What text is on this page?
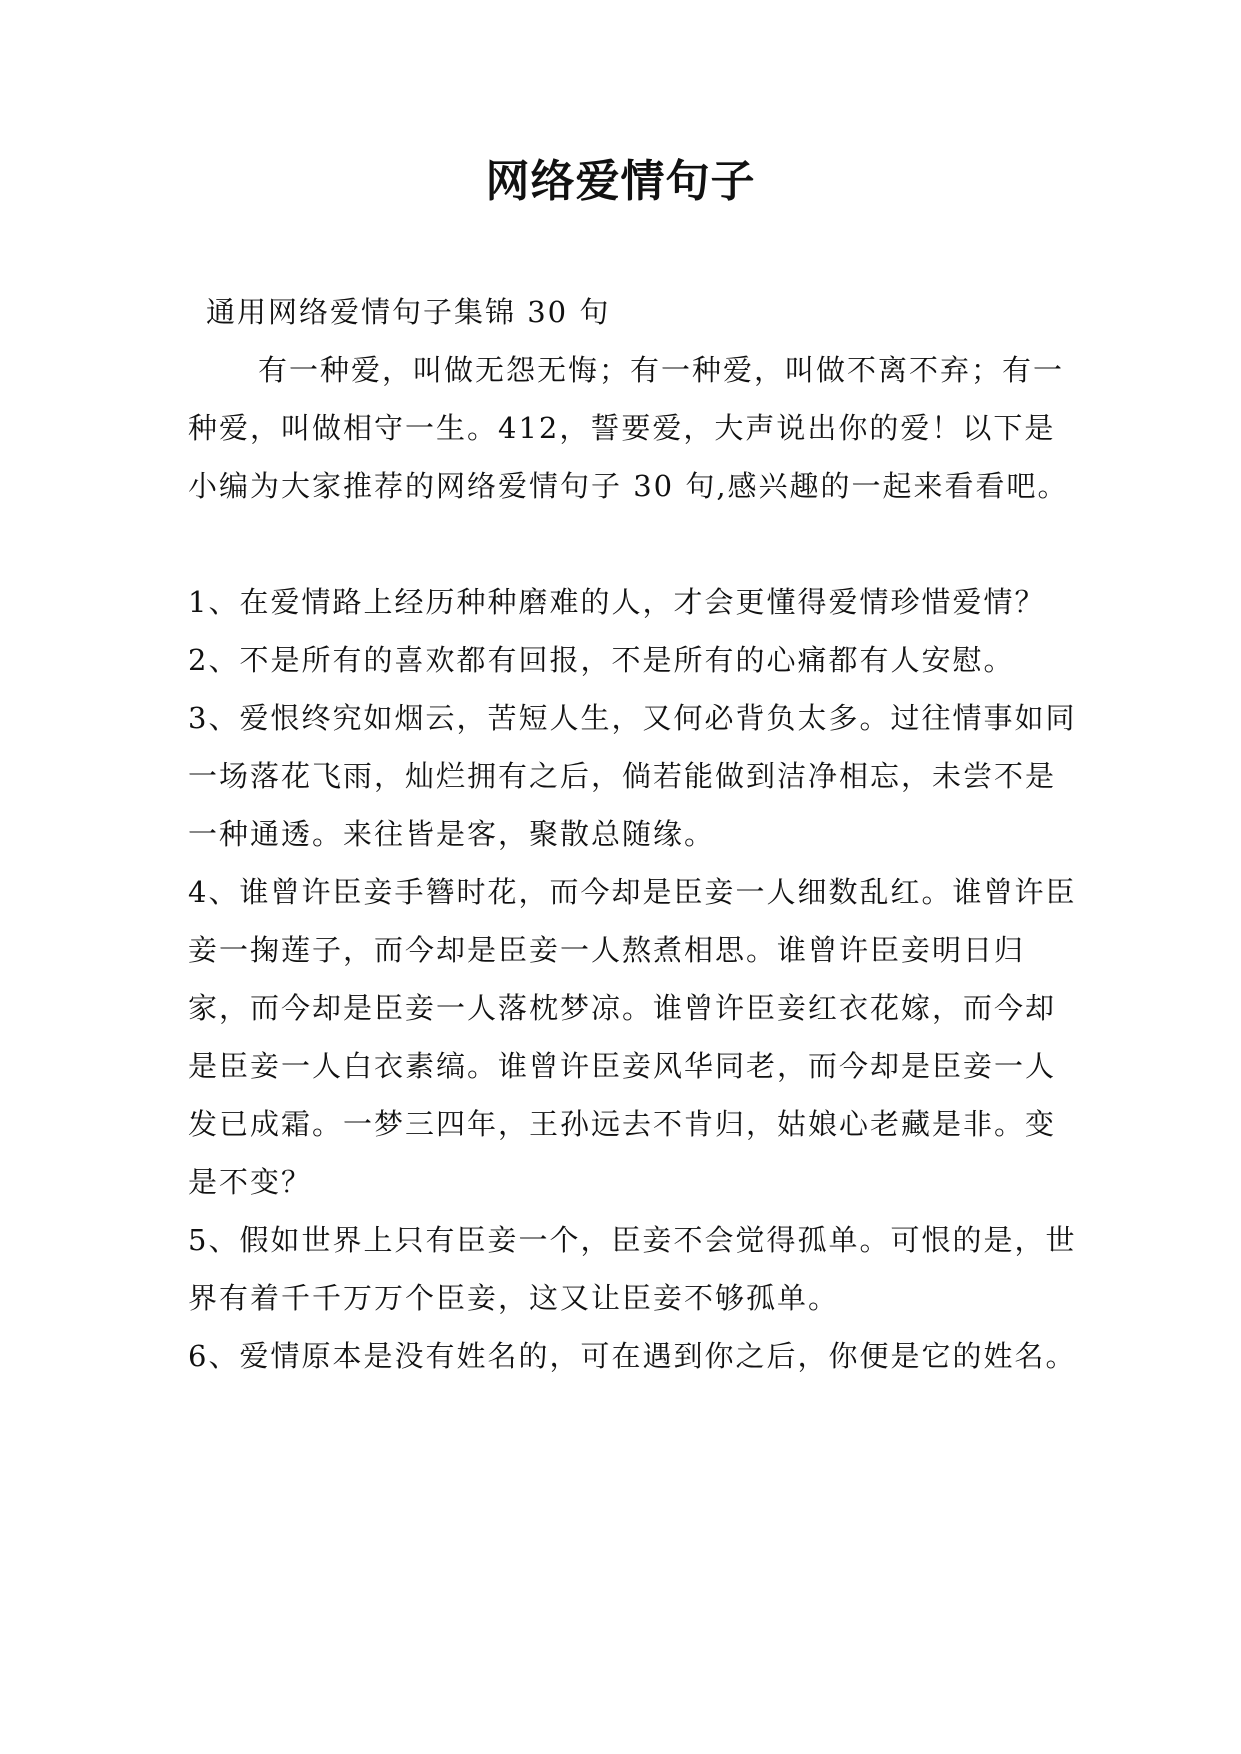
网络爱情句子

通用网络爱情句子集锦 30 句

有一种爱，叫做无怨无悔；有一种爱，叫做不离不弃；有一种爱，叫做相守一生。412，誓要爱，大声说出你的爱！以下是小编为大家推荐的网络爱情句子 30 句,感兴趣的一起来看看吧。

1、在爱情路上经历种种磨难的人，才会更懂得爱情珍惜爱情？

2、不是所有的喜欢都有回报，不是所有的心痛都有人安慰。

3、爱恨终究如烟云，苦短人生，又何必背负太多。过往情事如同一场落花飞雨，灿烂拥有之后，倘若能做到洁净相忘，未尝不是一种通透。来往皆是客，聚散总随缘。

4、谁曾许臣妾手簪时花，而今却是臣妾一人细数乱红。谁曾许臣妾一掬莲子，而今却是臣妾一人熬煮相思。谁曾许臣妾明日归家，而今却是臣妾一人落枕梦凉。谁曾许臣妾红衣花嫁，而今却是臣妾一人白衣素缟。谁曾许臣妾风华同老，而今却是臣妾一人发已成霜。一梦三四年，王孙远去不肯归，姑娘心老藏是非。变是不变？

5、假如世界上只有臣妾一个，臣妾不会觉得孤单。可恨的是，世界有着千千万万个臣妾，这又让臣妾不够孤单。

6、爱情原本是没有姓名的，可在遇到你之后，你便是它的姓名。
